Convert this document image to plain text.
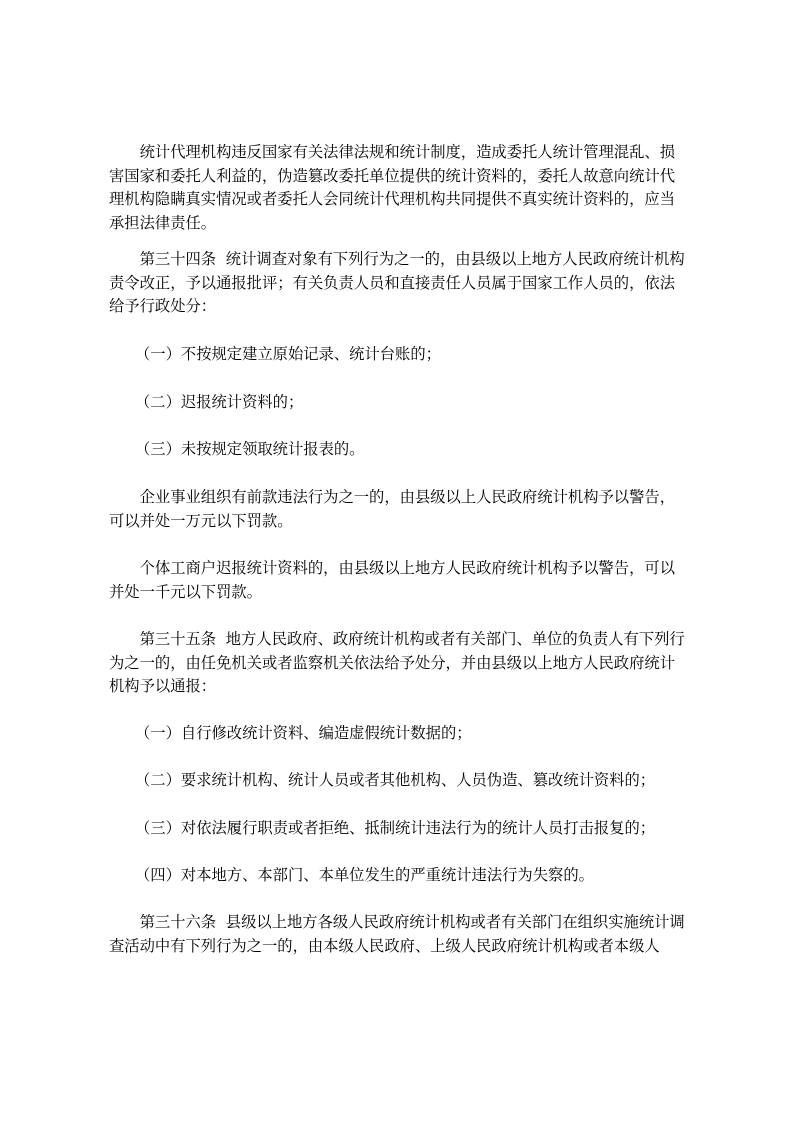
　　统计代理机构违反国家有关法律法规和统计制度，造成委托人统计管理混乱、损害国家和委托人利益的，伪造篡改委托单位提供的统计资料的，委托人故意向统计代理机构隐瞒真实情况或者委托人会同统计代理机构共同提供不真实统计资料的，应当承担法律责任。

　　第三十四条  统计调查对象有下列行为之一的，由县级以上地方人民政府统计机构责令改正，予以通报批评；有关负责人员和直接责任人员属于国家工作人员的，依法给予行政处分：

（一）不按规定建立原始记录、统计台账的；

（二）迟报统计资料的；

（三）未按规定领取统计报表的。

　　企业事业组织有前款违法行为之一的，由县级以上人民政府统计机构予以警告，可以并处一万元以下罚款。

　　个体工商户迟报统计资料的，由县级以上地方人民政府统计机构予以警告，可以并处一千元以下罚款。

　　第三十五条  地方人民政府、政府统计机构或者有关部门、单位的负责人有下列行为之一的，由任免机关或者监察机关依法给予处分，并由县级以上地方人民政府统计机构予以通报：

（一）自行修改统计资料、编造虚假统计数据的；

（二）要求统计机构、统计人员或者其他机构、人员伪造、篡改统计资料的；

（三）对依法履行职责或者拒绝、抵制统计违法行为的统计人员打击报复的；

（四）对本地方、本部门、本单位发生的严重统计违法行为失察的。

　　第三十六条  县级以上地方各级人民政府统计机构或者有关部门在组织实施统计调查活动中有下列行为之一的，由本级人民政府、上级人民政府统计机构或者本级人
